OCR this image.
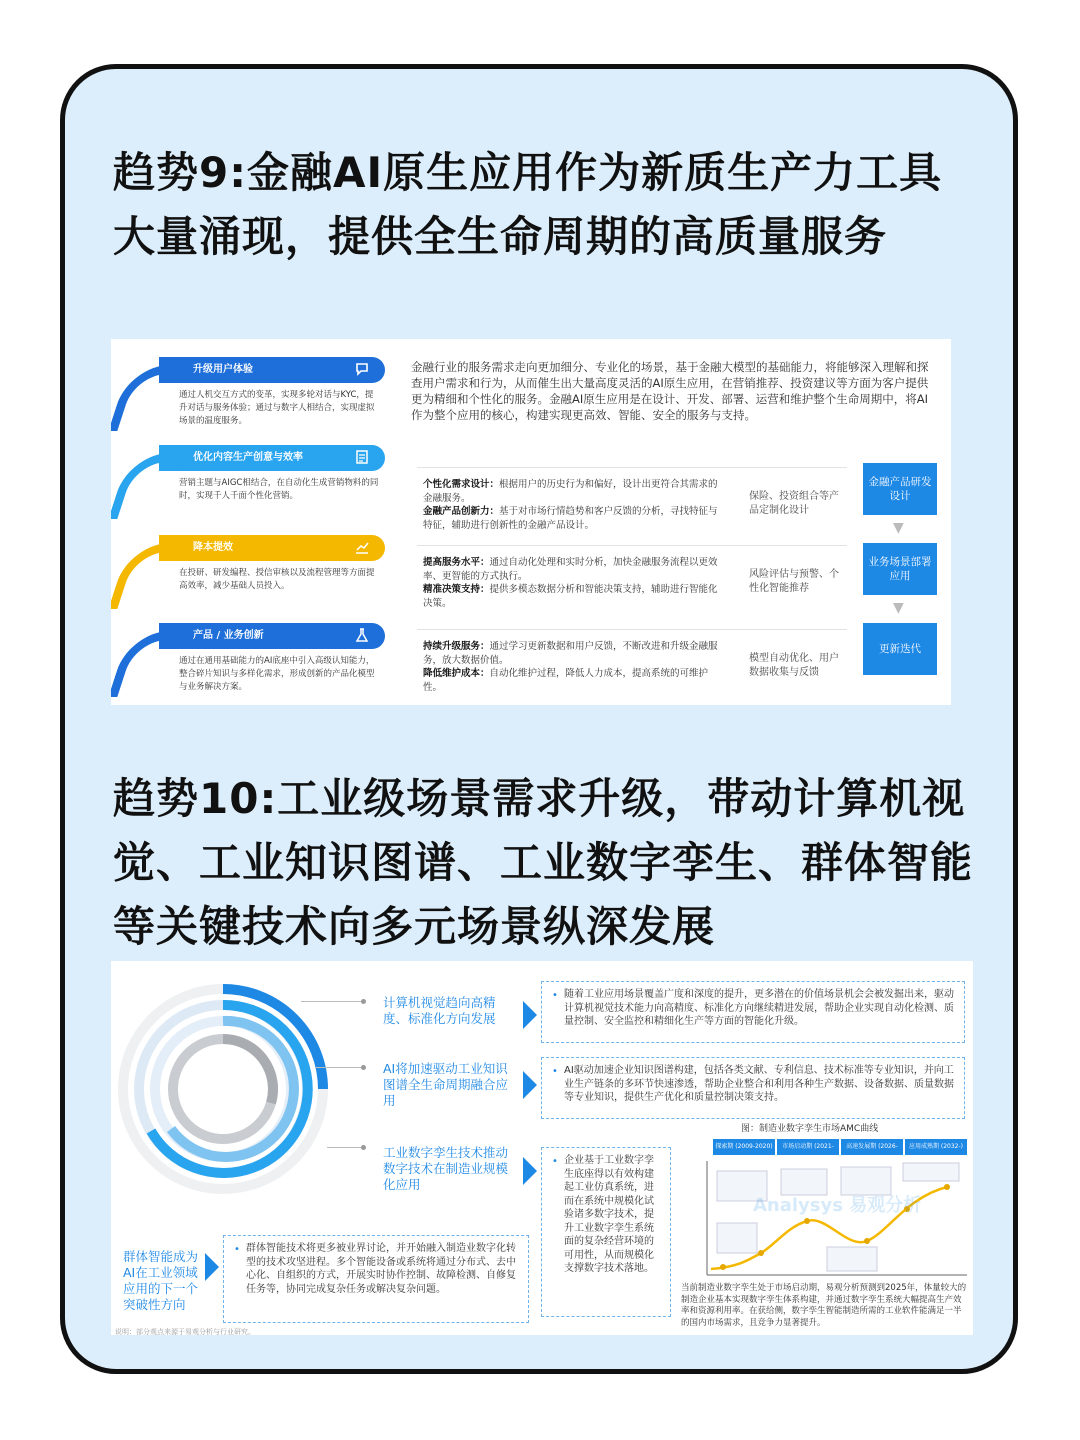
趋势9:金融AI原生应用作为新质生产力工具大量涌现，提供全生命周期的高质量服务
升级用户体验
通过人机交互方式的变革，实现多轮对话与KYC，提升对话与服务体验；通过与数字人相结合，实现虚拟场景的温度服务。
优化内容生产创意与效率
营销主题与AIGC相结合，在自动化生成营销物料的同时，实现千人千面个性化营销。
降本提效
在投研、研发编程、授信审核以及流程管理等方面提高效率，减少基础人员投入。
产品 / 业务创新
通过在通用基础能力的AI底座中引入高级认知能力，整合碎片知识与多样化需求，形成创新的产品化模型与业务解决方案。
金融行业的服务需求走向更加细分、专业化的场景，基于金融大模型的基础能力，将能够深入理解和探查用户需求和行为，从而催生出大量高度灵活的AI原生应用，在营销推荐、投资建议等方面为客户提供更为精细和个性化的服务。金融AI原生应用是在设计、开发、部署、运营和维护整个生命周期中，将AI作为整个应用的核心，构建实现更高效、智能、安全的服务与支持。
个性化需求设计：根据用户的历史行为和偏好，设计出更符合其需求的金融服务。
金融产品创新力：基于对市场行情趋势和客户反馈的分析，寻找特征与特征，辅助进行创新性的金融产品设计。
保险、投资组合等产品定制化设计
提高服务水平：通过自动化处理和实时分析，加快金融服务流程以更效率、更智能的方式执行。
精准决策支持：提供多模态数据分析和智能决策支持，辅助进行智能化决策。
风险评估与预警、个性化智能推荐
持续升级服务：通过学习更新数据和用户反馈，不断改进和升级金融服务，放大数据价值。
降低维护成本：自动化维护过程，降低人力成本，提高系统的可维护性。
模型自动优化、用户数据收集与反馈
金融产品研发设计
▼
业务场景部署应用
▼
更新迭代
趋势10:工业级场景需求升级，带动计算机视觉、工业知识图谱、工业数字孪生、群体智能等关键技术向多元场景纵深发展
计算机视觉趋向高精度、标准化方向发展
AI将加速驱动工业知识图谱全生命周期融合应用
工业数字孪生技术推动数字技术在制造业规模化应用
群体智能成为AI在工业领域应用的下一个突破性方向
• 随着工业应用场景覆盖广度和深度的提升，更多潜在的价值场景机会会被发掘出来，驱动计算机视觉技术能力向高精度、标准化方向继续精进发展，帮助企业实现自动化检测、质量控制、安全监控和精细化生产等方面的智能化升级。
• AI驱动加速企业知识图谱构建，包括各类文献、专利信息、技术标准等专业知识，并向工业生产链条的多环节快速渗透，帮助企业整合和利用各种生产数据、设备数据、质量数据等专业知识，提供生产优化和质量控制决策支持。
• 企业基于工业数字孪生底座得以有效构建起工业仿真系统，进而在系统中规模化试验诸多数字技术，提升工业数字孪生系统面的复杂经营环境的可用性，从而规模化支撑数字技术落地。
• 群体智能技术将更多被业界讨论，并开始融入制造业数字化转型的技术攻坚进程。多个智能设备或系统将通过分布式、去中心化、自组织的方式，开展实时协作控制、故障检测、自修复任务等，协同完成复杂任务或解决复杂问题。
图：制造业数字孪生市场AMC曲线
探索期 (2009-2020)	市场启动期 (2021-2025)
高速发展期 (2026-2031)
应用成熟期 (2032-)
Analysys 易观分析
当前制造业数字孪生处于市场启动期，易观分析预测到2025年，体量较大的制造企业基本实现数字孪生体系构建，并通过数字孪生系统大幅提高生产效率和资源利用率。在获给侧，数字孪生智能制造所需的工业软件能满足一半的国内市场需求，且竞争力显著提升。
说明：部分观点来源于易观分析与行业研究。
